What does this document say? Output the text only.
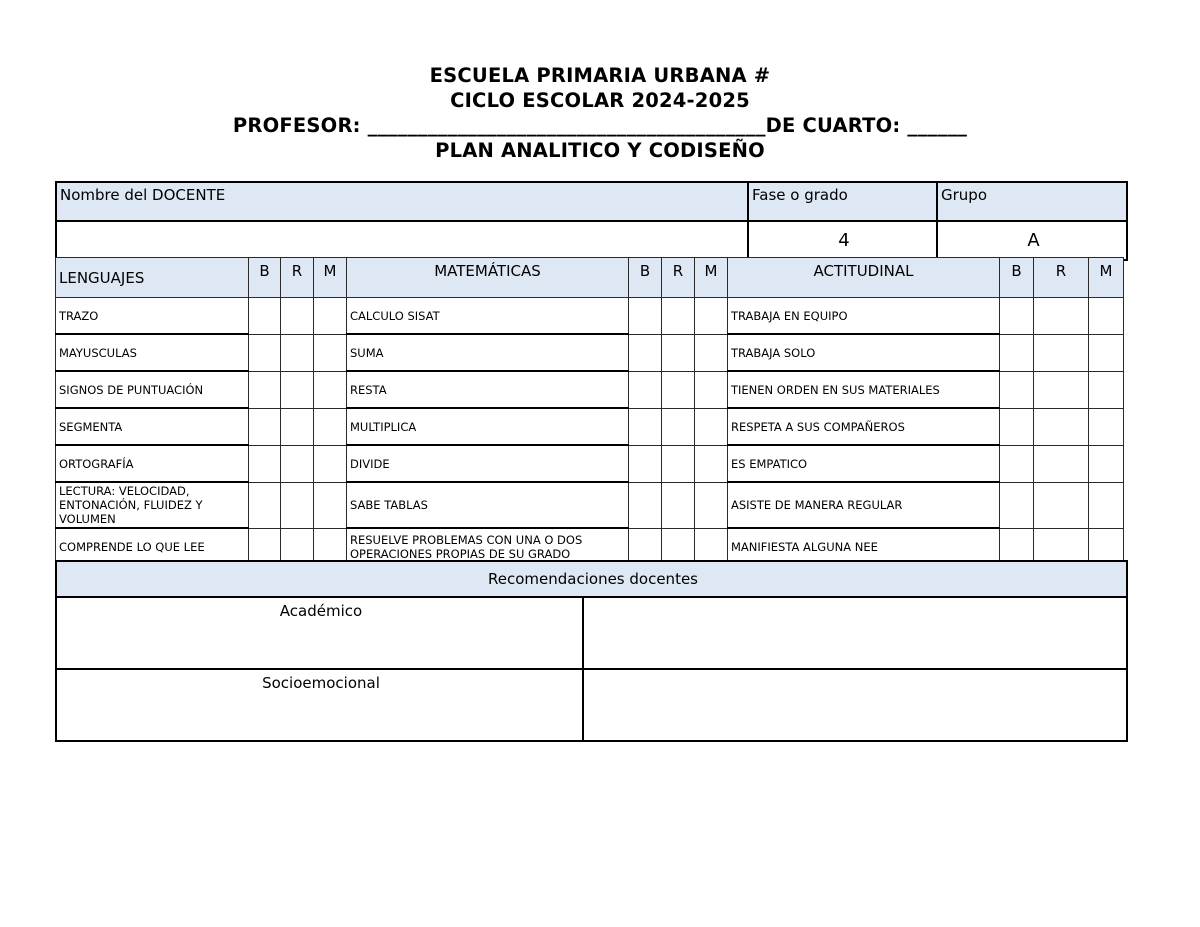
ESCUELA PRIMARIA URBANA #
CICLO ESCOLAR 2024-2025
PROFESOR: ________________________________________DE CUARTO: ______
PLAN ANALITICO Y CODISEÑO
Nombre del DOCENTE	Fase o grado	Grupo
	4	A
LENGUAJES	B	R	M	MATEMÁTICAS	B	R	M	ACTITUDINAL	B	R	M
TRAZO				CALCULO SISAT				TRABAJA EN EQUIPO			
MAYUSCULAS				SUMA				TRABAJA SOLO			
SIGNOS DE PUNTUACIÓN				RESTA				TIENEN ORDEN EN SUS MATERIALES			
SEGMENTA				MULTIPLICA				RESPETA A SUS COMPAÑEROS			
ORTOGRAFÍA				DIVIDE				ES EMPATICO			
LECTURA: VELOCIDAD, ENTONACIÓN, FLUIDEZ Y VOLUMEN				SABE TABLAS				ASISTE DE MANERA REGULAR			
COMPRENDE LO QUE LEE				RESUELVE PROBLEMAS CON UNA O DOS OPERACIONES PROPIAS DE SU GRADO				MANIFIESTA ALGUNA NEE			
Recomendaciones docentes	
Académico	
Socioemocional	
